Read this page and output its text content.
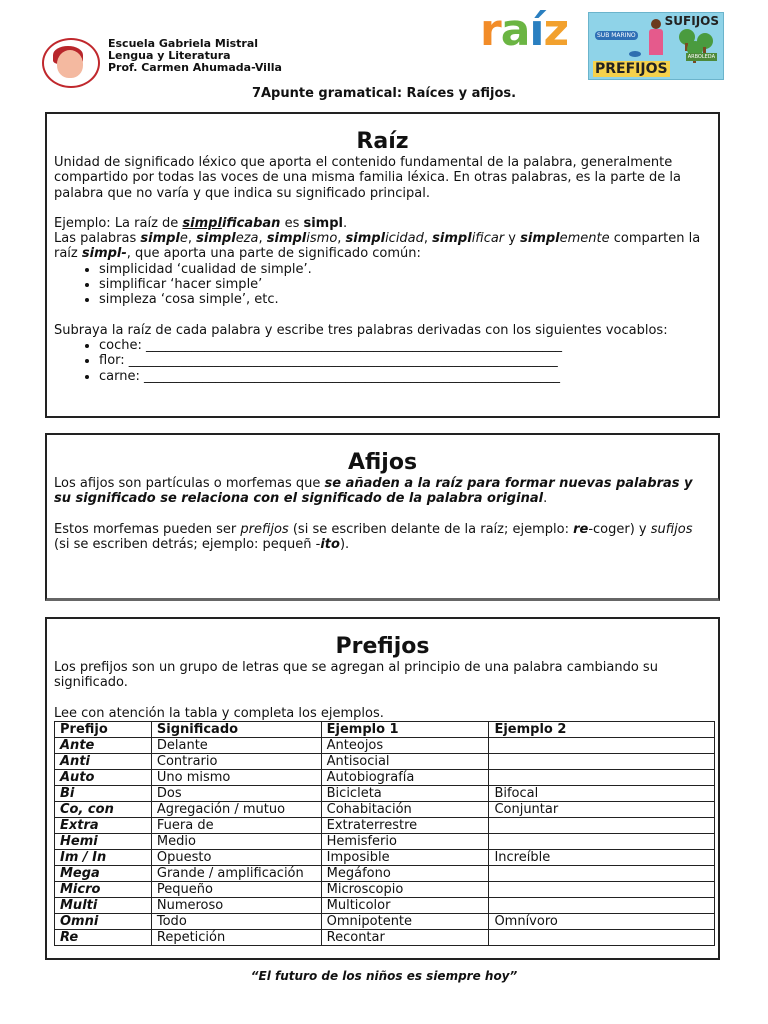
Escuela Gabriela Mistral
Lengua y Literatura
Prof. Carmen Ahumada-Villa
raíz	SUFIJOS
SUB MARINO
ARBOLEDA
PREFIJOS
7Apunte gramatical: Raíces y afijos.
Raíz

Unidad de significado léxico que aporta el contenido fundamental de la palabra, generalmente compartido por todas las voces de una misma familia léxica. En otras palabras, es la parte de la palabra que no varía y que indica su significado principal.

Ejemplo: La raíz de simplificaban es simpl.

Las palabras simple, simpleza, simplismo, simplicidad, simplificar y simplemente comparten la raíz simpl-, que aporta una parte de significado común:

• simplicidad ‘cualidad de simple’.
• simplificar ‘hacer simple’
• simpleza ‘cosa simple’, etc.

Subraya la raíz de cada palabra y escribe tres palabras derivadas con los siguientes vocablos:

• coche: ________________________________________________________________
• flor: __________________________________________________________________
• carne: ________________________________________________________________
Afijos

Los afijos son partículas o morfemas que se añaden a la raíz para formar nuevas palabras y su significado se relaciona con el significado de la palabra original.

Estos morfemas pueden ser prefijos (si se escriben delante de la raíz; ejemplo: re-coger) y sufijos (si se escriben detrás; ejemplo: pequeñ -ito).

Prefijos

Los prefijos son un grupo de letras que se agregan al principio de una palabra cambiando su significado.

Lee con atención la tabla y completa los ejemplos.

Prefijo	Significado	Ejemplo 1	Ejemplo 2
Ante	Delante	Anteojos	
Anti	Contrario	Antisocial	
Auto	Uno mismo	Autobiografía	
Bi	Dos	Bicicleta	Bifocal
Co, con	Agregación / mutuo	Cohabitación	Conjuntar
Extra	Fuera de	Extraterrestre	
Hemi	Medio	Hemisferio	
Im / In	Opuesto	Imposible	Increíble
Mega	Grande / amplificación	Megáfono	
Micro	Pequeño	Microscopio	
Multi	Numeroso	Multicolor	
Omni	Todo	Omnipotente	Omnívoro
Re	Repetición	Recontar	
“El futuro de los niños es siempre hoy”
